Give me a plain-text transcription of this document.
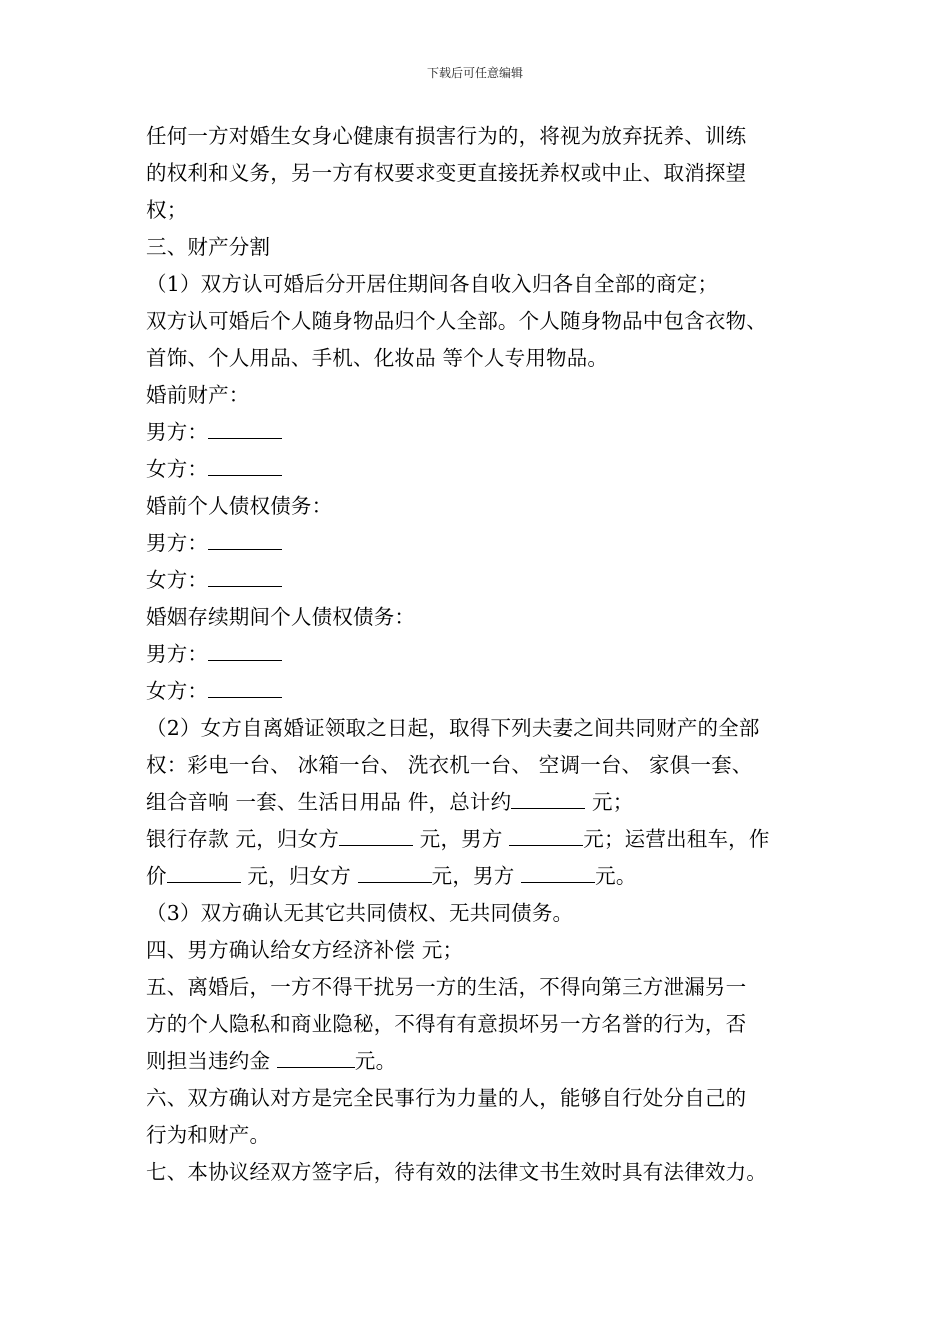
下载后可任意编辑
任何一方对婚生女身心健康有损害行为的，将视为放弃抚养、训练
的权利和义务，另一方有权要求变更直接抚养权或中止、取消探望
权；
三、财产分割
（1）双方认可婚后分开居住期间各自收入归各自全部的商定；
双方认可婚后个人随身物品归个人全部。个人随身物品中包含衣物、
首饰、个人用品、手机、化妆品 等个人专用物品。
婚前财产：
男方：
女方：
婚前个人债权债务：
男方：
女方：
婚姻存续期间个人债权债务：
男方：
女方：
（2）女方自离婚证领取之日起，取得下列夫妻之间共同财产的全部
权：彩电一台、 冰箱一台、 洗衣机一台、 空调一台、 家俱一套、
组合音响 一套、生活日用品 件，总计约	元；
银行存款 元，归女方	元，男方	元；运营出租车，作
价	元，归女方	元，男方	元。
（3）双方确认无其它共同债权、无共同债务。
四、男方确认给女方经济补偿 元；
五、离婚后，一方不得干扰另一方的生活，不得向第三方泄漏另一
方的个人隐私和商业隐秘，不得有有意损坏另一方名誉的行为，否
则担当违约金	元。
六、双方确认对方是完全民事行为力量的人，能够自行处分自己的
行为和财产。
七、本协议经双方签字后，待有效的法律文书生效时具有法律效力。
